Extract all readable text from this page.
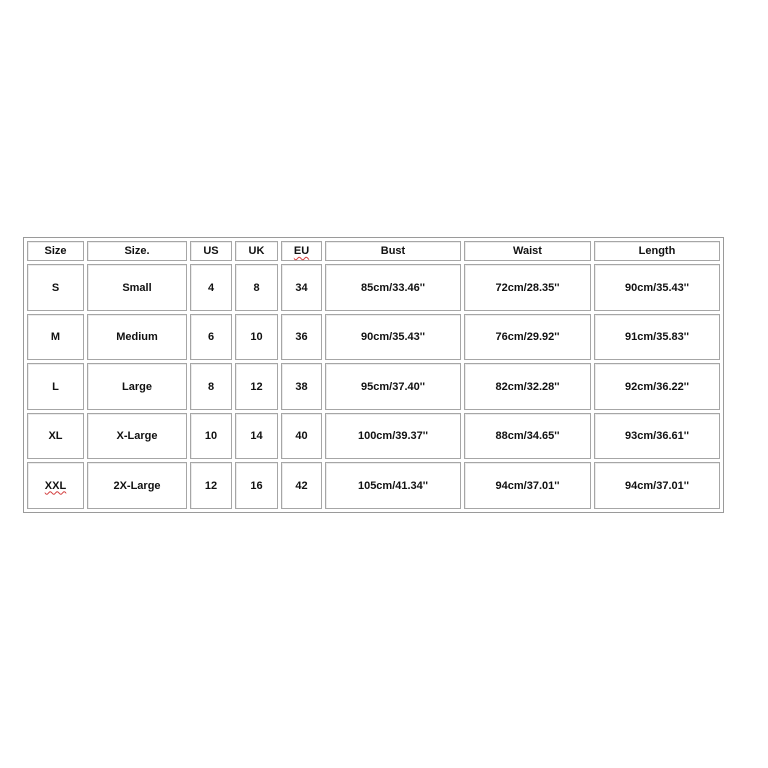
Size	Size.	US	UK	EU	Bust	Waist	Length
S	Small	4	8	34	85cm/33.46''	72cm/28.35''	90cm/35.43''
M	Medium	6	10	36	90cm/35.43''	76cm/29.92''	91cm/35.83''
L	Large	8	12	38	95cm/37.40''	82cm/32.28''	92cm/36.22''
XL	X-Large	10	14	40	100cm/39.37''	88cm/34.65''	93cm/36.61''
XXL	2X-Large	12	16	42	105cm/41.34''	94cm/37.01''	94cm/37.01''
